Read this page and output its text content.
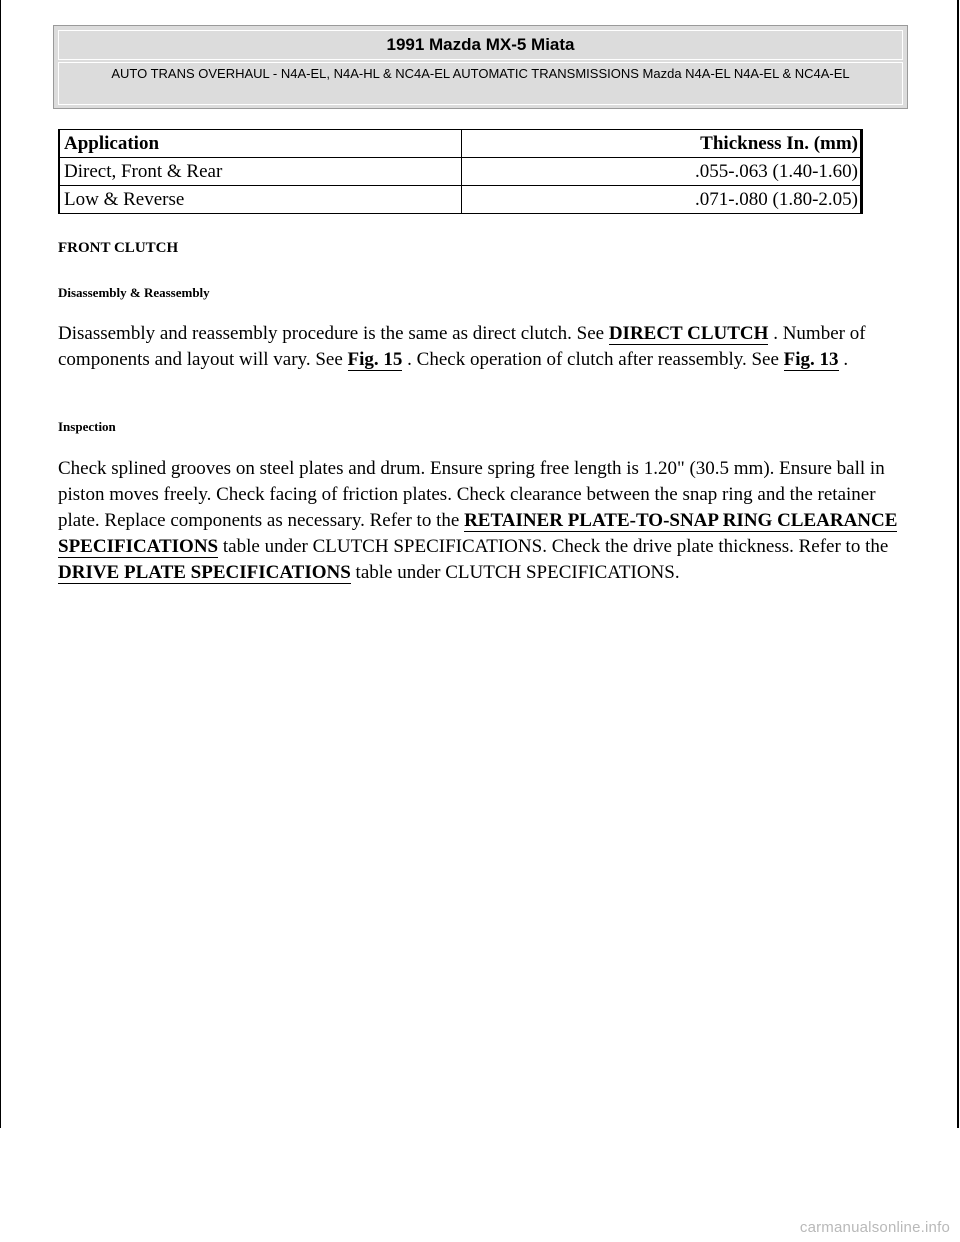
1991 Mazda MX-5 Miata
AUTO TRANS OVERHAUL - N4A-EL, N4A-HL & NC4A-EL AUTOMATIC TRANSMISSIONS Mazda N4A-EL N4A-EL & NC4A-EL
Application	Thickness In. (mm)
Direct, Front & Rear	.055-.063 (1.40-1.60)
Low & Reverse	.071-.080 (1.80-2.05)
FRONT CLUTCH
Disassembly & Reassembly

Disassembly and reassembly procedure is the same as direct clutch. See DIRECT CLUTCH . Number of components and layout will vary. See Fig. 15 . Check operation of clutch after reassembly. See Fig. 13 .

Inspection

Check splined grooves on steel plates and drum. Ensure spring free length is 1.20" (30.5 mm). Ensure ball in piston moves freely. Check facing of friction plates. Check clearance between the snap ring and the retainer plate. Replace components as necessary. Refer to the RETAINER PLATE-TO-SNAP RING CLEARANCE SPECIFICATIONS table under CLUTCH SPECIFICATIONS. Check the drive plate thickness. Refer to the DRIVE PLATE SPECIFICATIONS table under CLUTCH SPECIFICATIONS.

carmanualsonline.info
